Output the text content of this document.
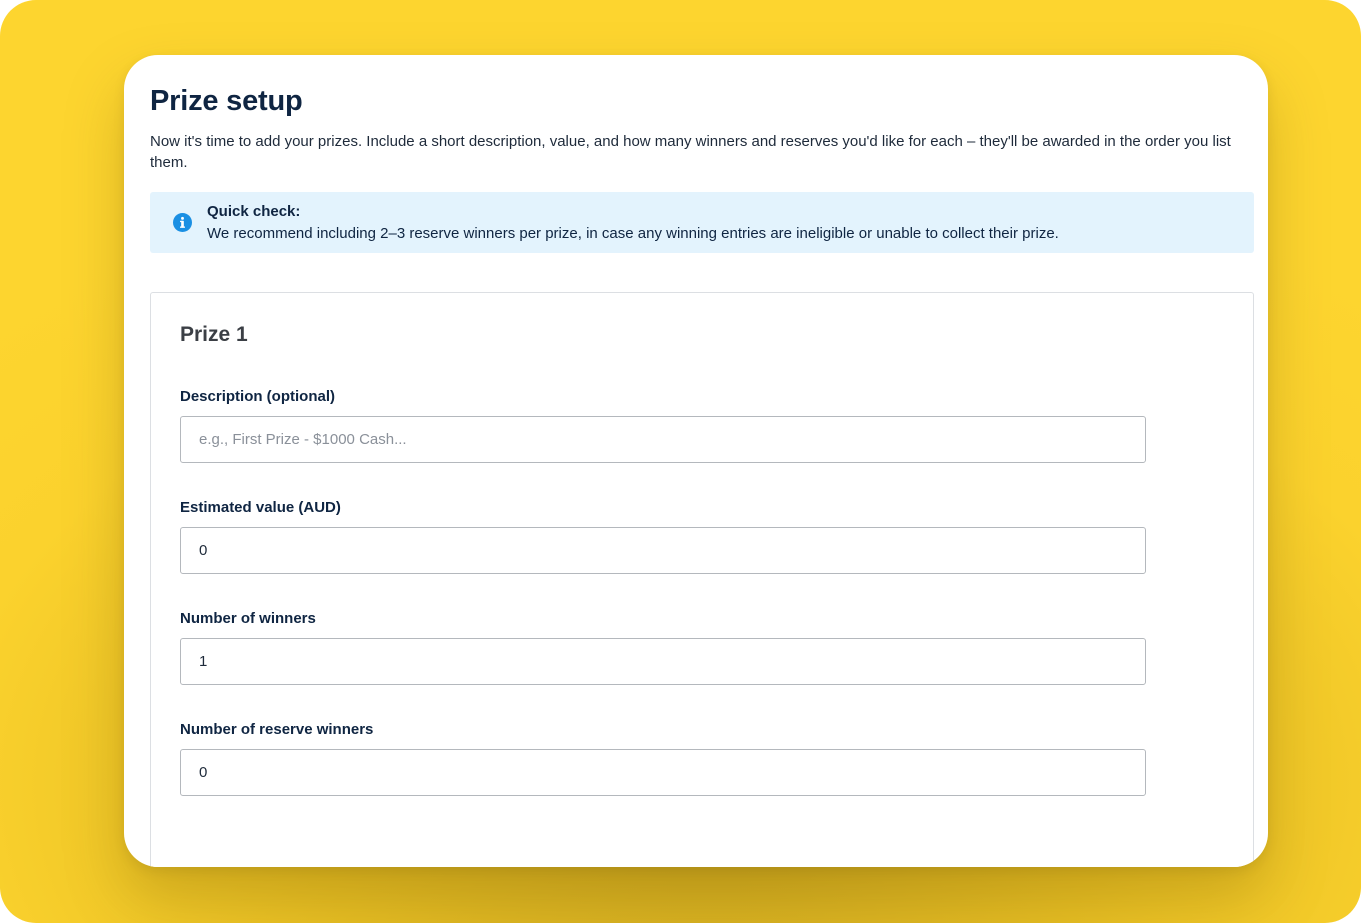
Prize setup

Now it's time to add your prizes. Include a short description, value, and how many winners and reserves you'd like for each – they'll be awarded in the order you list them.

Quick check:
We recommend including 2–3 reserve winners per prize, in case any winning entries are ineligible or unable to collect their prize.
Prize 1
Description (optional)
e.g., First Prize - $1000 Cash...
Estimated value (AUD)
0
Number of winners
1
Number of reserve winners
0
